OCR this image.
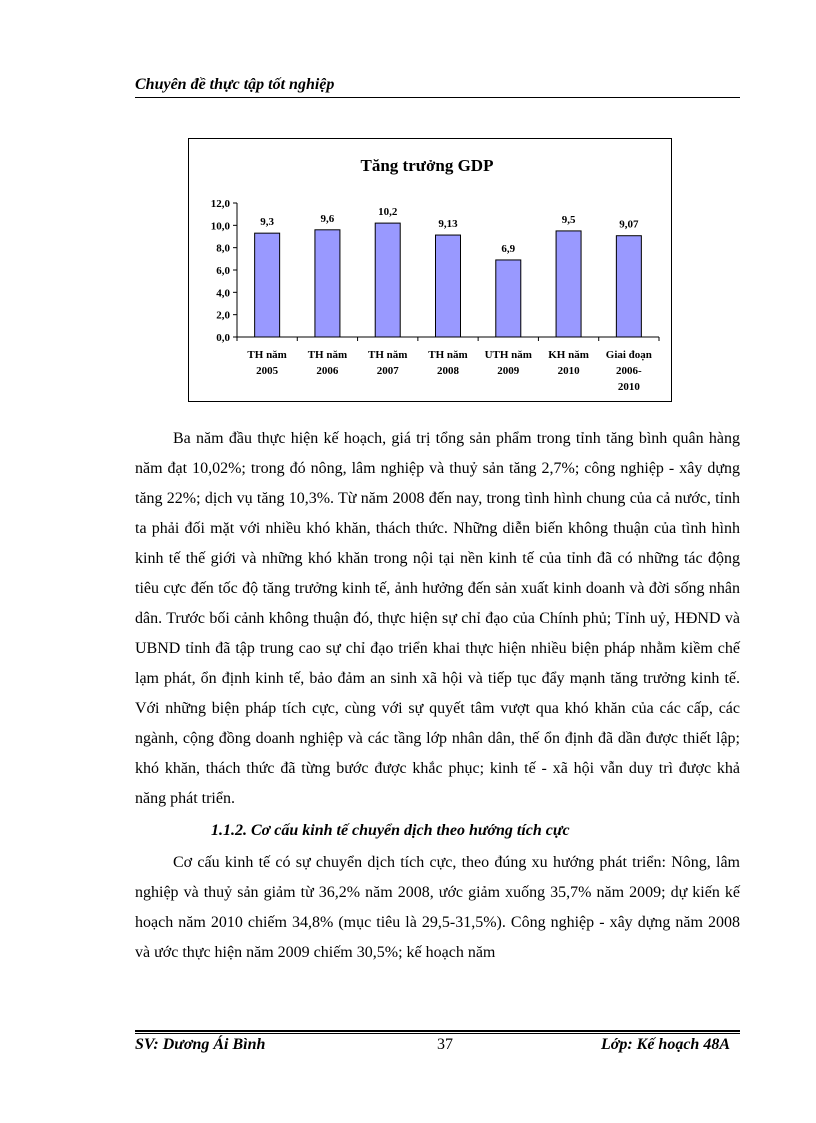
Chuyên đề thực tập tốt nghiệp
Tăng trưởng GDP
0,0
2,0
4,0
6,0
8,0
10,0
12,0
9,3
TH năm
2005
9,6
TH năm
2006
10,2
TH năm
2007
9,13
TH năm
2008
6,9
UTH năm
2009
9,5
KH năm
2010
9,07
Giai đoạn
2006-
2010

Ba năm đầu thực hiện kế hoạch, giá trị tổng sản phẩm trong tỉnh tăng bình quân hàng năm đạt 10,02%; trong đó nông, lâm nghiệp và thuỷ sản tăng 2,7%; công nghiệp - xây dựng tăng 22%; dịch vụ tăng 10,3%. Từ năm 2008 đến nay, trong tình hình chung của cả nước, tỉnh ta phải đối mặt với nhiều khó khăn, thách thức. Những diễn biến không thuận của tình hình kinh tế thế giới và những khó khăn trong nội tại nền kinh tế của tỉnh đã có những tác động tiêu cực đến tốc độ tăng trưởng kinh tế, ảnh hưởng đến sản xuất kinh doanh và đời sống nhân dân. Trước bối cảnh không thuận đó, thực hiện sự chỉ đạo của Chính phủ; Tỉnh uỷ, HĐND và UBND tỉnh đã tập trung cao sự chỉ đạo triển khai thực hiện nhiều biện pháp nhằm kiềm chế lạm phát, ổn định kinh tế, bảo đảm an sinh xã hội và tiếp tục đẩy mạnh tăng trưởng kinh tế. Với những biện pháp tích cực, cùng với sự quyết tâm vượt qua khó khăn của các cấp, các ngành, cộng đồng doanh nghiệp và các tầng lớp nhân dân, thế ổn định đã dần được thiết lập; khó khăn, thách thức đã từng bước được khắc phục; kinh tế - xã hội vẫn duy trì được khả năng phát triển.

1.1.2. Cơ cấu kinh tế chuyển dịch theo hướng tích cực

Cơ cấu kinh tế có sự chuyển dịch tích cực, theo đúng xu hướng phát triển: Nông, lâm nghiệp và thuỷ sản giảm từ 36,2% năm 2008, ước giảm xuống 35,7% năm 2009; dự kiến kế hoạch năm 2010 chiếm 34,8% (mục tiêu là 29,5-31,5%). Công nghiệp - xây dựng năm 2008 và ước thực hiện năm 2009 chiếm 30,5%; kế hoạch năm

SV: Dương Ái Bình	37	Lớp: Kế hoạch 48A
